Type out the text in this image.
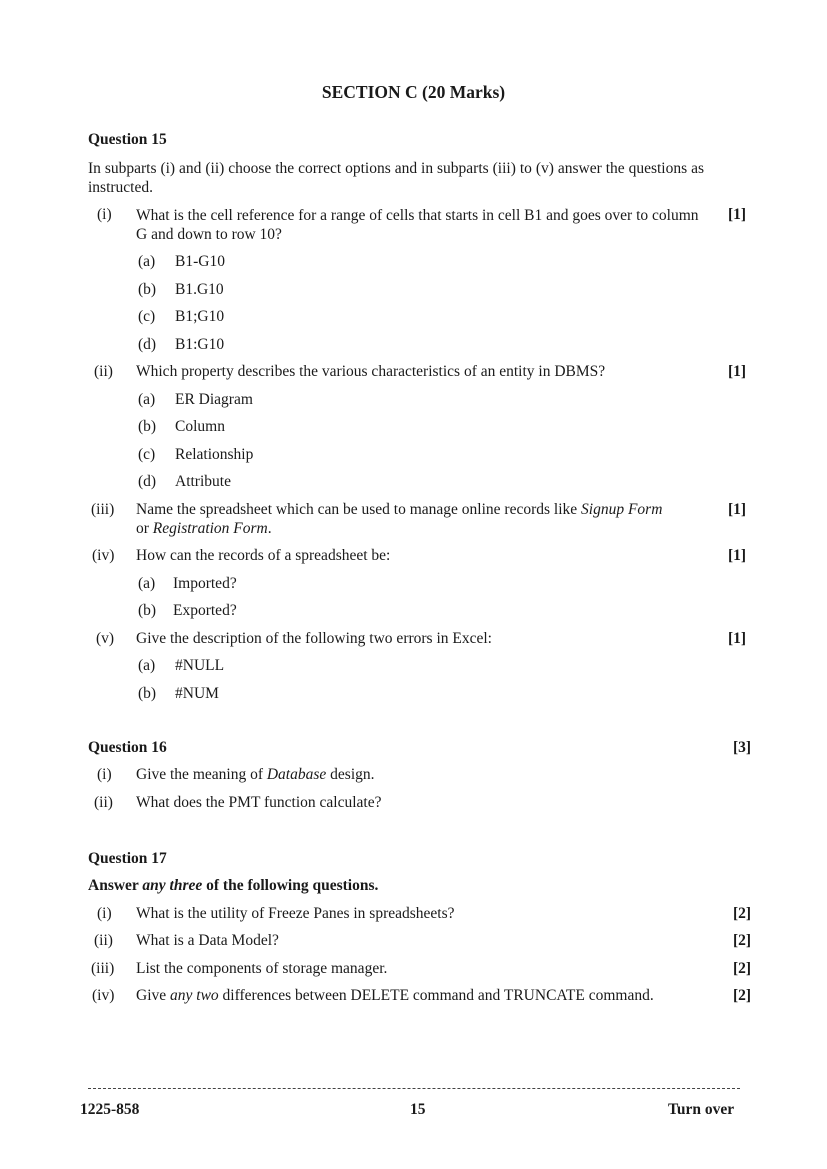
SECTION C (20 Marks)
Question 15
In subparts (i) and (ii) choose the correct options and in subparts (iii) to (v) answer the questions as instructed.
(i) What is the cell reference for a range of cells that starts in cell B1 and goes over to column G and down to row 10?
[1]
(a) B1-G10
(b) B1.G10
(c) B1;G10
(d) B1:G10
(ii) Which property describes the various characteristics of an entity in DBMS?	[1]
(a) ER Diagram
(b) Column
(c) Relationship
(d) Attribute
(iii) Name the spreadsheet which can be used to manage online records like Signup Form
or Registration Form.
[1]
(iv) How can the records of a spreadsheet be:	[1]
(a) Imported?
(b) Exported?
(v) Give the description of the following two errors in Excel:	[1]
(a) #NULL
(b) #NUM
Question 16	[3]
(i) Give the meaning of Database design.
(ii) What does the PMT function calculate?
Question 17
Answer any three of the following questions.
(i) What is the utility of Freeze Panes in spreadsheets?	[2]
(ii) What is a Data Model?	[2]
(iii) List the components of storage manager.	[2]
(iv) Give any two differences between DELETE command and TRUNCATE command.	[2]
1225-858	15	Turn over
